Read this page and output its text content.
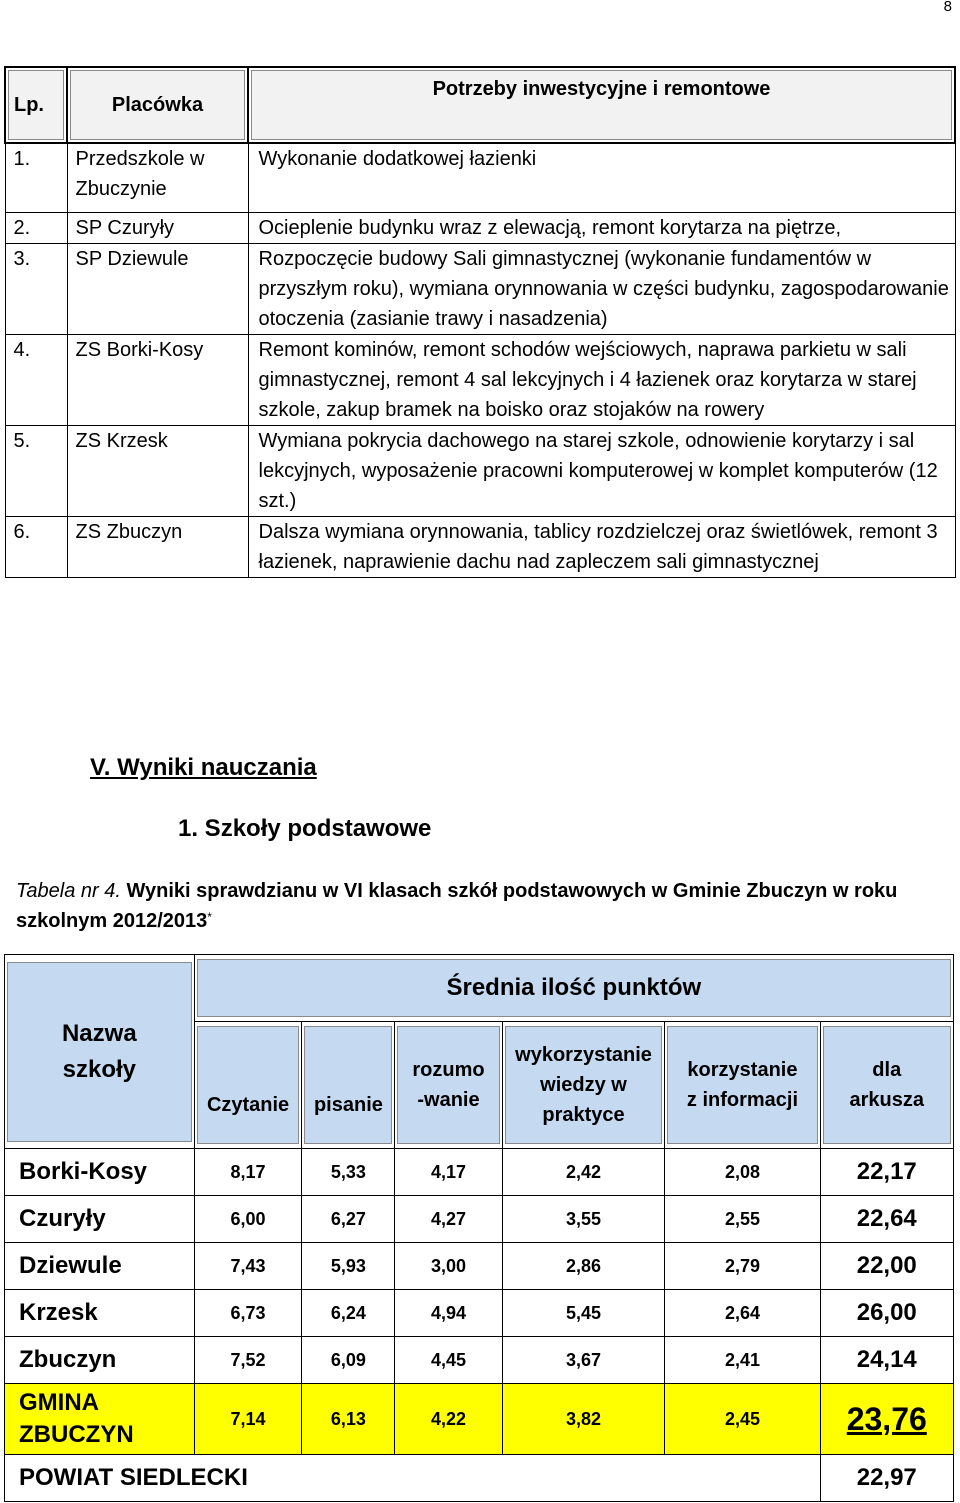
8
Lp.	Placówka	Potrzeby inwestycyjne i remontowe
1.	Przedszkole w Zbuczynie	Wykonanie dodatkowej łazienki
2.	SP Czuryły	Ocieplenie budynku wraz z elewacją, remont korytarza na piętrze,
3.	SP Dziewule	Rozpoczęcie budowy Sali gimnastycznej (wykonanie fundamentów w przyszłym roku), wymiana orynnowania w części budynku, zagospodarowanie otoczenia (zasianie trawy i nasadzenia)
4.	ZS Borki-Kosy	Remont kominów, remont schodów wejściowych, naprawa parkietu w sali gimnastycznej, remont 4 sal lekcyjnych i 4 łazienek oraz korytarza w starej szkole, zakup bramek na boisko oraz stojaków na rowery
5.	ZS Krzesk	Wymiana pokrycia dachowego na starej szkole, odnowienie korytarzy i sal lekcyjnych, wyposażenie pracowni komputerowej w komplet komputerów (12 szt.)
6.	ZS Zbuczyn	Dalsza wymiana orynnowania, tablicy rozdzielczej oraz świetlówek, remont 3 łazienek, naprawienie dachu nad zapleczem sali gimnastycznej
V. Wyniki nauczania
1. Szkoły podstawowe
Tabela nr 4. Wyniki sprawdzianu w VI klasach szkół podstawowych w Gminie Zbuczyn w roku szkolnym 2012/2013*
Nazwa szkoły	Średnia ilość punktów					

	Czytanie	pisanie	rozumo -wanie	wykorzystanie wiedzy w praktyce	korzystanie z informacji	dla arkusza

Borki-Kosy	8,17	5,33	4,17	2,42	2,08	22,17
Czuryły	6,00	6,27	4,27	3,55	2,55	22,64
Dziewule	7,43	5,93	3,00	2,86	2,79	22,00
Krzesk	6,73	6,24	4,94	5,45	2,64	26,00
Zbuczyn	7,52	6,09	4,45	3,67	2,41	24,14
GMINA ZBUCZYN	7,14	6,13	4,22	3,82	2,45	23,76
POWIAT SIEDLECKI						22,97
